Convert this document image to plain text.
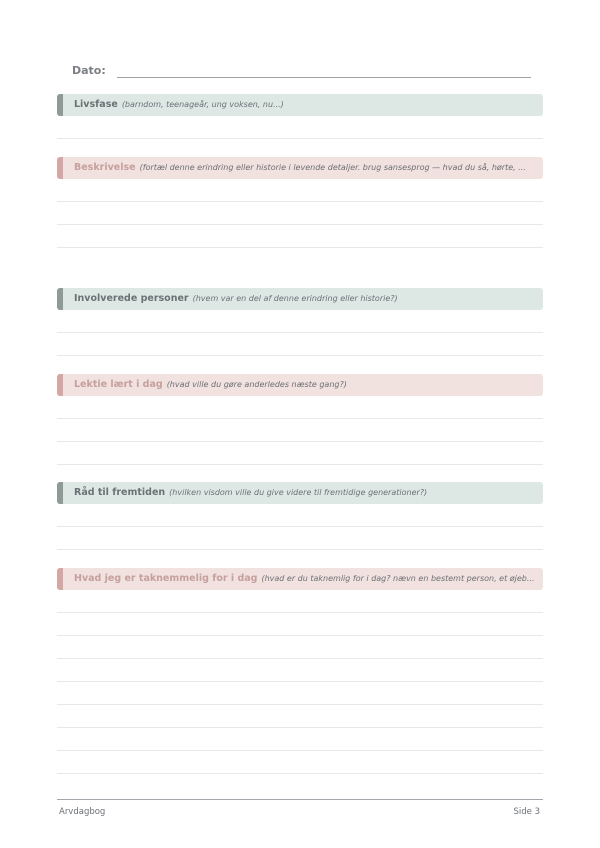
Dato:
Livsfase (barndom, teenageår, ung voksen, nu...)
Beskrivelse (fortæl denne erindring eller historie i levende detaljer. brug sansesprog — hvad du så, hørte, ...
Involverede personer (hvem var en del af denne erindring eller historie?)
Lektie lært i dag (hvad ville du gøre anderledes næste gang?)
Råd til fremtiden (hvilken visdom ville du give videre til fremtidige generationer?)
Hvad jeg er taknemmelig for i dag (hvad er du taknemlig for i dag? nævn en bestemt person, et øjeb...
Arvdagbog	Side 3
